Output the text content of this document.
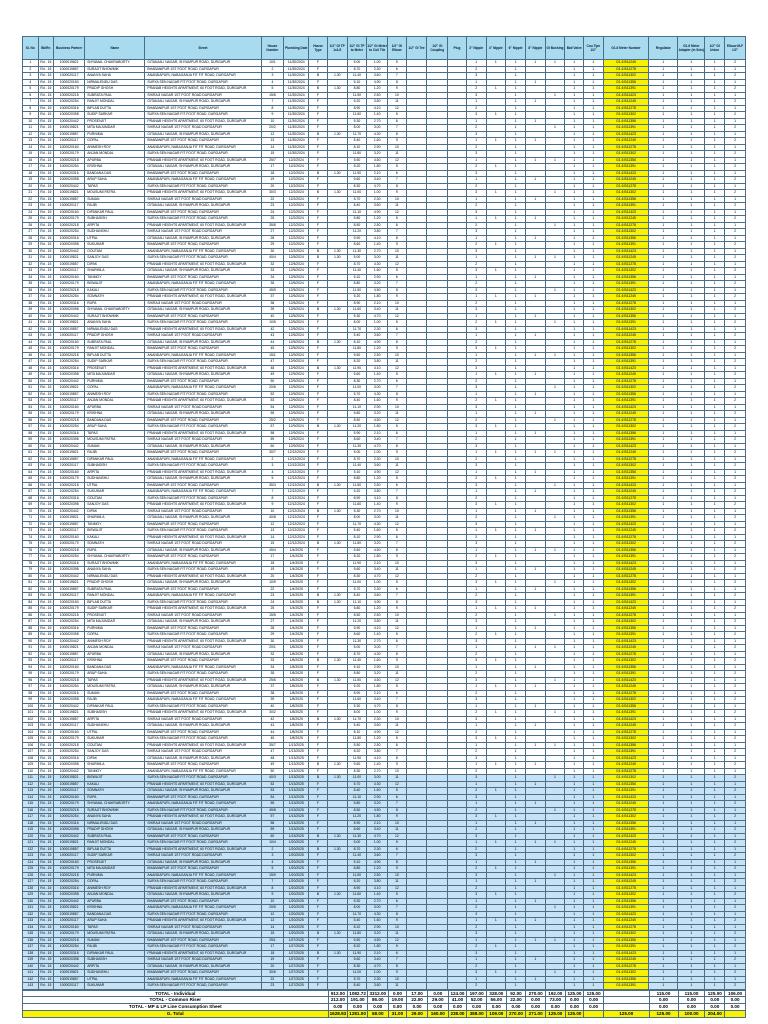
Sl. No	Bk/Rn	Business Partner	Name	Street	House Number	Plumbing Date	House Type	1/2" GI TP 1x1/2	1/2" GI TP to Meter	1/2" GI Meter to Coil Tile	1/2" GI Elbow	1/2" GI Tee	1/2" GI Coupling	Plug	3" Nipple	4" Nipple	6" Nipple	8" Nipple	GI Bushing	Ball Valve	Cou Tipe 1/2"	G1.6 Meter Number	Regulator	G1.6 Meter Adapter (in Sets)	1/2" GI Union	Elbow M-F 1/2"
1	Rd - 15	1000019821	SHYAMAL CHAKRABORTY	GITANJALI NAGAR, SHYAMPUR ROAD, DURGAPUR	10/1	11/30/2024	F		5.00	1.00	5				1	1	1	1	1	1	1	G1.6 B11245	1	1	1	2
2	Rd - 15	1000019857	SURAJIT BHOWMIK	BHABANIPUR 1ST FOOT ROAD, DURGAPUR	2	11/30/2024	F		8.70	2.30	6				2		1			1	1	G1.6 B11278	1	1	1	1
3	Rd - 15	1000020117	ANANYA SAHA	ANANDAPURI, NABAGANJA FIT FIT ROAD, DURGAPUR	3	11/30/2024	B	1.30	11.40	3.60	7				3		1			1	1	G1.6 B11302	1	1	1	2
4	Rd - 15	1000020160	NIRMALENDU DAS	SURYA SEN NAGAR FIT FOOT ROAD, DURGAPUR	4	11/30/2024	F		5.10	4.90	8				1		1	1		1	1	G1.6 B11356	1	1	1	1
5	Rd - 15	1000020179	PRADIP GHOSH	PRANAB HEIGHTS APARTMENT, 60 FOOT ROAD, DURGAPUR	5	11/30/2024	B	1.30	8.80	1.20	9				2	1	1			1	1	G1.6 B11391	1	1	1	2
6	Rd - 15	1000020218	SUBRATA PAUL	SHIRAJI NAGAR 1ST FOOT ROAD DURGAPUR	15/6	11/30/2024	F		11.50	2.50	10				3		1		1	1	1	G1.6 B11423	1	1	1	1
7	Rd - 15	1000020254	RANJIT MONDAL	GITANJALI NAGAR, SHYAMPUR ROAD, DURGAPUR	7	11/30/2024	F		5.20	3.80	11				1		1	1		1	1	G1.6 B11245	1	1	1	2
8	Rd - 15	1000020316	BIPLAB DUTTA	BHABANIPUR 1ST FOOT ROAD, DURGAPUR	8	11/30/2024	F		8.90	4.10	12				2		1			1	1	G1.6 B11278	1	1	1	1
9	Rd - 15	1000020398	SUDIP SARKAR	SURYA SEN NAGAR FIT FOOT ROAD, DURGAPUR	9	11/30/2024	F		11.60	1.40	5				3	1	1			1	1	G1.6 B11302	1	1	1	2
10	Rd - 15	1000020442	PROSENJIT	PRANAB HEIGHTS APARTMENT, 60 FOOT ROAD, DURGAPUR	10	11/30/2024	F		5.30	2.70	6				1		1	1		1	1	G1.6 B11356	1	1	1	1
11	Rd - 15	1000019821	MITA MAJUMDAR	SHIRAJI NAGAR 1ST FOOT ROAD DURGAPUR	20/2	11/30/2024	F		8.00	3.00	7				2		1		1	1	1	G1.6 B11391	1	1	1	2
12	Rd - 15	1000019857	PURNIMA	GITANJALI NAGAR, SHYAMPUR ROAD, DURGAPUR	12	11/30/2024	B	1.30	11.70	4.30	8				3		1			1	1	G1.6 B11423	1	1	1	1
13	Rd - 15	1000020117	GOPAL	BHABANIPUR 1ST FOOT ROAD, DURGAPUR	13	11/30/2024	F		5.40	1.60	9				1	1	1	1		1	1	G1.6 B11245	1	1	1	2
14	Rd - 15	1000020160	ANIMESH ROY	ANANDAPURI, NABAGANJA FIT FIT ROAD, DURGAPUR	14	11/30/2024	F		8.10	2.90	10				2		1			1	1	G1.6 B11278	1	1	1	1
15	Rd - 15	1000020179	ANJAN MONDAL	SURYA SEN NAGAR FIT FOOT ROAD, DURGAPUR	15	11/30/2024	F		11.80	3.20	11				3		1			1	1	G1.6 B11302	1	1	1	2
16	Rd - 15	1000020218	APURBA	PRANAB HEIGHTS APARTMENT, 60 FOOT ROAD, DURGAPUR	25/7	12/2/2024	F		5.50	4.50	12				1		1	1	1	1	1	G1.6 B11356	1	1	1	1
17	Rd - 15	1000020254	KRISHNA	GITANJALI NAGAR, SHYAMPUR ROAD, DURGAPUR	17	12/2/2024	F		8.20	1.80	5				2	1	1			1	1	G1.6 B11391	1	1	1	2
18	Rd - 15	1000020316	BANDANA DAS	BHABANIPUR 1ST FOOT ROAD, DURGAPUR	18	12/2/2024	B	1.30	11.90	2.10	6				3		1			1	1	G1.6 B11423	1	1	1	1
19	Rd - 15	1000020398	ARUP SAHA	ANANDAPURI, NABAGANJA FIT FIT ROAD, DURGAPUR	19	12/2/2024	F		5.60	3.40	7				1		1	1		1	1	G1.6 B11245	1	1	1	2
20	Rd - 15	1000020442	TAPAS	SURYA SEN NAGAR FIT FOOT ROAD, DURGAPUR	20	12/2/2024	F		8.30	4.70	8				2		1			1	1	G1.6 B11278	1	1	1	1
21	Rd - 15	1000019821	MOUSUMI PATRA	PRANAB HEIGHTS APARTMENT, 60 FOOT ROAD, DURGAPUR	30/3	12/2/2024	B	1.30	11.00	1.00	9				3	1	1		1	1	1	G1.6 B11302	1	1	1	2
22	Rd - 15	1000019857	SUMAN	SHIRAJI NAGAR 1ST FOOT ROAD DURGAPUR	22	12/2/2024	F		5.70	2.30	10				1		1	1		1	1	G1.6 B11356	1	1	1	1
23	Rd - 15	1000020117	RAJIB	GITANJALI NAGAR, SHYAMPUR ROAD, DURGAPUR	23	12/2/2024	F		8.40	3.60	11				2		1			1	1	G1.6 B11391	1	1	1	2
24	Rd - 15	1000020160	DIPANKAR PAUL	BHABANIPUR 1ST FOOT ROAD, DURGAPUR	24	12/2/2024	F		11.10	4.90	12				3		1			1	1	G1.6 B11423	1	1	1	1
25	Rd - 15	1000020179	SUBHASISH	SURYA SEN NAGAR FIT FOOT ROAD, DURGAPUR	25	12/2/2024	F		5.80	1.20	5				1	1	1	1		1	1	G1.6 B11245	1	1	1	2
26	Rd - 15	1000020218	ARPITA	PRANAB HEIGHTS APARTMENT, 60 FOOT ROAD, DURGAPUR	35/8	12/2/2024	F		8.50	2.50	6				2		1		1	1	1	G1.6 B11278	1	1	1	1
27	Rd - 15	1000020254	SUDHANSHU	SHIRAJI NAGAR 1ST FOOT ROAD DURGAPUR	27	12/2/2024	F		11.20	3.80	7				3		1			1	1	G1.6 B11302	1	1	1	2
28	Rd - 15	1000020316	UTPAL	GITANJALI NAGAR, SHYAMPUR ROAD, DURGAPUR	28	12/2/2024	F		5.90	4.10	8				1		1	1		1	1	G1.6 B11356	1	1	1	1
29	Rd - 15	1000020398	SUKUMAR	BHABANIPUR 1ST FOOT ROAD, DURGAPUR	29	12/2/2024	F		8.60	1.40	9				2	1	1			1	1	G1.6 B11391	1	1	1	2
30	Rd - 15	1000020442	GOUTAM	ANANDAPURI, NABAGANJA FIT FIT ROAD, DURGAPUR	30	12/2/2024	B	1.30	11.30	2.70	10				3		1			1	1	G1.6 B11423	1	1	1	1
31	Rd - 15	1000019821	SANJOY DAS	SURYA SEN NAGAR FIT FOOT ROAD, DURGAPUR	40/4	12/5/2024	B	1.30	5.00	3.00	11				1		1	1	1	1	1	G1.6 B11245	1	1	1	2
32	Rd - 15	1000019857	DIPAK	PRANAB HEIGHTS APARTMENT, 60 FOOT ROAD, DURGAPUR	32	12/5/2024	F		8.70	4.30	12				2		1			1	1	G1.6 B11278	1	1	1	1
33	Rd - 15	1000020117	SHARMILA	GITANJALI NAGAR, SHYAMPUR ROAD, DURGAPUR	33	12/5/2024	F		11.40	1.60	5				3	1	1			1	1	G1.6 B11302	1	1	1	2
34	Rd - 15	1000020160	TANMOY	BHABANIPUR 1ST FOOT ROAD, DURGAPUR	34	12/5/2024	F		5.10	2.90	6				1		1	1		1	1	G1.6 B11356	1	1	1	1
35	Rd - 15	1000020179	BISWAJIT	ANANDAPURI, NABAGANJA FIT FIT ROAD, DURGAPUR	35	12/5/2024	F		8.80	3.20	7				2		1			1	1	G1.6 B11391	1	1	1	2
36	Rd - 15	1000020218	KAKALI	SURYA SEN NAGAR FIT FOOT ROAD, DURGAPUR	45/9	12/5/2024	F		11.50	4.50	8				3		1		1	1	1	G1.6 B11423	1	1	1	1
37	Rd - 15	1000020254	SOMNATH	PRANAB HEIGHTS APARTMENT, 60 FOOT ROAD, DURGAPUR	37	12/5/2024	F		5.20	1.80	9				1	1	1	1		1	1	G1.6 B11245	1	1	1	2
38	Rd - 15	1000020316	RUPA	SHIRAJI NAGAR 1ST FOOT ROAD DURGAPUR	38	12/5/2024	F		8.90	2.10	10				2		1			1	1	G1.6 B11278	1	1	1	1
39	Rd - 15	1000020398	SHYAMAL CHAKRABORTY	GITANJALI NAGAR, SHYAMPUR ROAD, DURGAPUR	39	12/5/2024	B	1.30	11.60	3.40	11				3		1			1	1	G1.6 B11302	1	1	1	2
40	Rd - 15	1000020442	SURAJIT BHOWMIK	BHABANIPUR 1ST FOOT ROAD, DURGAPUR	40	12/5/2024	F		5.30	4.70	12				1		1	1		1	1	G1.6 B11356	1	1	1	1
41	Rd - 15	1000019821	ANANYA SAHA	SURYA SEN NAGAR FIT FOOT ROAD, DURGAPUR	10/5	12/5/2024	F		8.00	1.00	5				2	1	1		1	1	1	G1.6 B11391	1	1	1	2
42	Rd - 15	1000019857	NIRMALENDU DAS	PRANAB HEIGHTS APARTMENT, 60 FOOT ROAD, DURGAPUR	42	12/5/2024	F		11.70	2.30	6				3		1			1	1	G1.6 B11423	1	1	1	1
43	Rd - 15	1000020117	PRADIP GHOSH	SHIRAJI NAGAR 1ST FOOT ROAD DURGAPUR	43	12/5/2024	F		5.40	3.60	7				1		1	1		1	1	G1.6 B11245	1	1	1	2
44	Rd - 15	1000020160	SUBRATA PAUL	GITANJALI NAGAR, SHYAMPUR ROAD, DURGAPUR	44	12/5/2024	B	1.30	8.10	4.90	8				2		1			1	1	G1.6 B11278	1	1	1	1
45	Rd - 15	1000020179	RANJIT MONDAL	BHABANIPUR 1ST FOOT ROAD, DURGAPUR	45	12/5/2024	F		11.80	1.20	9				3	1	1			1	1	G1.6 B11302	1	1	1	2
46	Rd - 15	1000020218	BIPLAB DUTTA	ANANDAPURI, NABAGANJA FIT FIT ROAD, DURGAPUR	15/1	12/9/2024	F		5.50	2.50	10				1		1	1	1	1	1	G1.6 B11356	1	1	1	1
47	Rd - 15	1000020254	SUDIP SARKAR	SURYA SEN NAGAR FIT FOOT ROAD, DURGAPUR	47	12/9/2024	F		8.20	3.80	11				2		1			1	1	G1.6 B11391	1	1	1	2
48	Rd - 15	1000020316	PROSENJIT	PRANAB HEIGHTS APARTMENT, 60 FOOT ROAD, DURGAPUR	48	12/9/2024	B	1.30	11.90	4.10	12				3		1			1	1	G1.6 B11423	1	1	1	1
49	Rd - 15	1000020398	MITA MAJUMDAR	GITANJALI NAGAR, SHYAMPUR ROAD, DURGAPUR	49	12/9/2024	F		5.60	1.40	5				1	1	1	1		1	1	G1.6 B11245	1	1	1	2
50	Rd - 15	1000020442	PURNIMA	BHABANIPUR 1ST FOOT ROAD, DURGAPUR	50	12/9/2024	F		8.30	2.70	6				2		1			1	1	G1.6 B11278	1	1	1	1
51	Rd - 15	1000019821	GOPAL	ANANDAPURI, NABAGANJA FIT FIT ROAD, DURGAPUR	20/6	12/9/2024	F		11.00	3.00	7				3		1		1	1	1	G1.6 B11302	1	1	1	2
52	Rd - 15	1000019857	ANIMESH ROY	SURYA SEN NAGAR FIT FOOT ROAD, DURGAPUR	52	12/9/2024	F		5.70	4.30	8				1		1	1		1	1	G1.6 B11356	1	1	1	1
53	Rd - 15	1000020117	ANJAN MONDAL	PRANAB HEIGHTS APARTMENT, 60 FOOT ROAD, DURGAPUR	53	12/9/2024	F		8.40	1.60	9				2	1	1			1	1	G1.6 B11391	1	1	1	2
54	Rd - 15	1000020160	APURBA	SHIRAJI NAGAR 1ST FOOT ROAD DURGAPUR	54	12/9/2024	F		11.10	2.90	10				3		1			1	1	G1.6 B11423	1	1	1	1
55	Rd - 15	1000020179	KRISHNA	GITANJALI NAGAR, SHYAMPUR ROAD, DURGAPUR	55	12/9/2024	F		5.80	3.20	11				1		1	1		1	1	G1.6 B11245	1	1	1	2
56	Rd - 15	1000020218	BANDANA DAS	BHABANIPUR 1ST FOOT ROAD, DURGAPUR	25/2	12/9/2024	F		8.50	4.50	12				2		1		1	1	1	G1.6 B11278	1	1	1	1
57	Rd - 15	1000020254	ARUP SAHA	SURYA SEN NAGAR FIT FOOT ROAD, DURGAPUR	57	12/9/2024	B	1.30	11.20	1.80	5				3	1	1			1	1	G1.6 B11302	1	1	1	2
58	Rd - 15	1000020316	TAPAS	PRANAB HEIGHTS APARTMENT, 60 FOOT ROAD, DURGAPUR	58	12/9/2024	F		5.90	2.10	6				1		1	1		1	1	G1.6 B11356	1	1	1	1
59	Rd - 15	1000020398	MOUSUMI PATRA	SHIRAJI NAGAR 1ST FOOT ROAD DURGAPUR	59	12/9/2024	F		8.60	3.40	7				2		1			1	1	G1.6 B11391	1	1	1	2
60	Rd - 15	1000020442	SUMAN	GITANJALI NAGAR, SHYAMPUR ROAD, DURGAPUR	60	12/9/2024	F		11.30	4.70	8				3		1			1	1	G1.6 B11423	1	1	1	1
61	Rd - 15	1000019821	RAJIB	BHABANIPUR 1ST FOOT ROAD, DURGAPUR	30/7	12/12/2024	F		5.00	1.00	9				1	1	1	1	1	1	1	G1.6 B11245	1	1	1	2
62	Rd - 15	1000019857	DIPANKAR PAUL	ANANDAPURI, NABAGANJA FIT FIT ROAD, DURGAPUR	2	12/12/2024	F		8.70	2.30	10				2		1			1	1	G1.6 B11278	1	1	1	1
63	Rd - 15	1000020117	SUBHASISH	SURYA SEN NAGAR FIT FOOT ROAD, DURGAPUR	3	12/12/2024	F		11.40	3.60	11				3		1			1	1	G1.6 B11302	1	1	1	2
64	Rd - 15	1000020160	ARPITA	PRANAB HEIGHTS APARTMENT, 60 FOOT ROAD, DURGAPUR	4	12/12/2024	F		5.10	4.90	12				1		1	1		1	1	G1.6 B11356	1	1	1	1
65	Rd - 15	1000020179	SUDHANSHU	GITANJALI NAGAR, SHYAMPUR ROAD, DURGAPUR	5	12/12/2024	F		8.80	1.20	5				2	1	1			1	1	G1.6 B11391	1	1	1	2
66	Rd - 15	1000020218	UTPAL	BHABANIPUR 1ST FOOT ROAD, DURGAPUR	35/3	12/12/2024	B	1.30	11.50	2.50	6				3		1		1	1	1	G1.6 B11423	1	1	1	1
67	Rd - 15	1000020254	SUKUMAR	ANANDAPURI, NABAGANJA FIT FIT ROAD, DURGAPUR	7	12/12/2024	F		5.20	3.80	7				1		1	1		1	1	G1.6 B11245	1	1	1	2
68	Rd - 15	1000020316	GOUTAM	SURYA SEN NAGAR FIT FOOT ROAD, DURGAPUR	8	12/12/2024	F		8.90	4.10	8				2		1			1	1	G1.6 B11278	1	1	1	1
69	Rd - 15	1000020398	SANJOY DAS	PRANAB HEIGHTS APARTMENT, 60 FOOT ROAD, DURGAPUR	9	12/12/2024	F		11.60	1.40	9				3	1	1			1	1	G1.6 B11302	1	1	1	2
70	Rd - 15	1000020442	DIPAK	SHIRAJI NAGAR 1ST FOOT ROAD DURGAPUR	10	12/12/2024	B	1.30	5.30	2.70	10				1		1	1		1	1	G1.6 B11356	1	1	1	1
71	Rd - 15	1000019821	SHARMILA	GITANJALI NAGAR, SHYAMPUR ROAD, DURGAPUR	40/8	12/12/2024	F		8.00	3.00	11				2		1		1	1	1	G1.6 B11391	1	1	1	2
72	Rd - 15	1000019857	TANMOY	BHABANIPUR 1ST FOOT ROAD, DURGAPUR	12	12/12/2024	F		11.70	4.30	12				3		1			1	1	G1.6 B11423	1	1	1	1
73	Rd - 15	1000020117	BISWAJIT	SURYA SEN NAGAR FIT FOOT ROAD, DURGAPUR	13	12/12/2024	F		5.40	1.60	5				1	1	1	1		1	1	G1.6 B11245	1	1	1	2
74	Rd - 15	1000020160	KAKALI	PRANAB HEIGHTS APARTMENT, 60 FOOT ROAD, DURGAPUR	14	12/12/2024	F		8.10	2.90	6				2		1			1	1	G1.6 B11278	1	1	1	1
75	Rd - 15	1000020179	SOMNATH	SHIRAJI NAGAR 1ST FOOT ROAD DURGAPUR	15	12/12/2024	B	1.30	11.80	3.20	7				3		1			1	1	G1.6 B11302	1	1	1	2
76	Rd - 15	1000020218	RUPA	GITANJALI NAGAR, SHYAMPUR ROAD, DURGAPUR	45/4	1/4/2025	F		5.50	4.50	8				1		1	1	1	1	1	G1.6 B11356	1	1	1	1
77	Rd - 15	1000020254	SHYAMAL CHAKRABORTY	BHABANIPUR 1ST FOOT ROAD, DURGAPUR	17	1/4/2025	F		8.20	1.80	9				2	1	1			1	1	G1.6 B11391	1	1	1	2
78	Rd - 15	1000020316	SURAJIT BHOWMIK	ANANDAPURI, NABAGANJA FIT FIT ROAD, DURGAPUR	18	1/4/2025	F		11.90	2.10	10				3		1			1	1	G1.6 B11423	1	1	1	1
79	Rd - 15	1000020398	ANANYA SAHA	SURYA SEN NAGAR FIT FOOT ROAD, DURGAPUR	19	1/4/2025	F		5.60	3.40	11				1		1	1		1	1	G1.6 B11245	1	1	1	2
80	Rd - 15	1000020442	NIRMALENDU DAS	PRANAB HEIGHTS APARTMENT, 60 FOOT ROAD, DURGAPUR	20	1/4/2025	F		8.30	4.70	12				2		1			1	1	G1.6 B11278	1	1	1	1
81	Rd - 15	1000019821	PRADIP GHOSH	GITANJALI NAGAR, SHYAMPUR ROAD, DURGAPUR	10/9	1/4/2025	F		11.00	1.00	5				3	1	1		1	1	1	G1.6 B11302	1	1	1	2
82	Rd - 15	1000019857	SUBRATA PAUL	BHABANIPUR 1ST FOOT ROAD, DURGAPUR	22	1/4/2025	F		5.70	2.30	6				1		1	1		1	1	G1.6 B11356	1	1	1	1
83	Rd - 15	1000020117	RANJIT MONDAL	ANANDAPURI, NABAGANJA FIT FIT ROAD, DURGAPUR	23	1/4/2025	B	1.30	8.40	3.60	7				2		1			1	1	G1.6 B11391	1	1	1	2
84	Rd - 15	1000020160	BIPLAB DUTTA	SURYA SEN NAGAR FIT FOOT ROAD, DURGAPUR	24	1/4/2025	B	1.30	11.10	4.90	8				3		1			1	1	G1.6 B11423	1	1	1	1
85	Rd - 15	1000020179	SUDIP SARKAR	PRANAB HEIGHTS APARTMENT, 60 FOOT ROAD, DURGAPUR	25	1/4/2025	F		5.80	1.20	9				1	1	1	1		1	1	G1.6 B11245	1	1	1	2
86	Rd - 15	1000020218	PROSENJIT	SHIRAJI NAGAR 1ST FOOT ROAD DURGAPUR	15/5	1/4/2025	F		8.50	2.50	10				2		1		1	1	1	G1.6 B11278	1	1	1	1
87	Rd - 15	1000020254	MITA MAJUMDAR	GITANJALI NAGAR, SHYAMPUR ROAD, DURGAPUR	27	1/4/2025	F		11.20	3.80	11				3		1			1	1	G1.6 B11302	1	1	1	2
88	Rd - 15	1000020316	PURNIMA	BHABANIPUR 1ST FOOT ROAD, DURGAPUR	28	1/4/2025	F		5.90	4.10	12				1		1	1		1	1	G1.6 B11356	1	1	1	1
89	Rd - 15	1000020398	GOPAL	SURYA SEN NAGAR FIT FOOT ROAD, DURGAPUR	29	1/4/2025	F		8.60	1.40	5				2	1	1			1	1	G1.6 B11391	1	1	1	2
90	Rd - 15	1000020442	ANIMESH ROY	PRANAB HEIGHTS APARTMENT, 60 FOOT ROAD, DURGAPUR	30	1/4/2025	F		11.30	2.70	6				3		1			1	1	G1.6 B11423	1	1	1	1
91	Rd - 15	1000019821	ANJAN MONDAL	SHIRAJI NAGAR 1ST FOOT ROAD DURGAPUR	20/1	1/8/2025	F		5.00	3.00	7				1		1	1	1	1	1	G1.6 B11245	1	1	1	2
92	Rd - 15	1000019857	APURBA	GITANJALI NAGAR, SHYAMPUR ROAD, DURGAPUR	32	1/8/2025	F		8.70	4.30	8				2		1			1	1	G1.6 B11278	1	1	1	1
93	Rd - 15	1000020117	KRISHNA	BHABANIPUR 1ST FOOT ROAD, DURGAPUR	33	1/8/2025	B	1.30	11.40	1.60	9				3	1	1			1	1	G1.6 B11302	1	1	1	2
94	Rd - 15	1000020160	BANDANA DAS	ANANDAPURI, NABAGANJA FIT FIT ROAD, DURGAPUR	34	1/8/2025	F		5.10	2.90	10				1		1	1		1	1	G1.6 B11356	1	1	1	1
95	Rd - 15	1000020179	ARUP SAHA	SURYA SEN NAGAR FIT FOOT ROAD, DURGAPUR	35	1/8/2025	F		8.80	3.20	11				2		1			1	1	G1.6 B11391	1	1	1	2
96	Rd - 15	1000020218	TAPAS	PRANAB HEIGHTS APARTMENT, 60 FOOT ROAD, DURGAPUR	25/6	1/8/2025	B	1.30	11.50	4.50	12				3		1		1	1	1	G1.6 B11423	1	1	1	1
97	Rd - 15	1000020254	MOUSUMI PATRA	GITANJALI NAGAR, SHYAMPUR ROAD, DURGAPUR	37	1/8/2025	F		5.20	1.80	5				1	1	1	1		1	1	G1.6 B11245	1	1	1	2
98	Rd - 15	1000020316	SUMAN	BHABANIPUR 1ST FOOT ROAD, DURGAPUR	38	1/8/2025	F		8.90	2.10	6				2		1			1	1	G1.6 B11278	1	1	1	1
99	Rd - 15	1000020398	RAJIB	ANANDAPURI, NABAGANJA FIT FIT ROAD, DURGAPUR	39	1/8/2025	F		11.60	3.40	7				3		1			1	1	G1.6 B11302	1	1	1	2
100	Rd - 15	1000020442	DIPANKAR PAUL	SURYA SEN NAGAR FIT FOOT ROAD, DURGAPUR	40	1/8/2025	F		5.30	4.70	8				1		1	1		1	1	G1.6 B11356	1	1	1	1
101	Rd - 15	1000019821	SUBHASISH	PRANAB HEIGHTS APARTMENT, 60 FOOT ROAD, DURGAPUR	30/2	1/8/2025	F		8.00	1.00	9				2	1	1		1	1	1	G1.6 B11391	1	1	1	2
102	Rd - 15	1000019857	ARPITA	SHIRAJI NAGAR 1ST FOOT ROAD DURGAPUR	42	1/8/2025	B	1.30	11.70	2.30	10				3		1			1	1	G1.6 B11423	1	1	1	1
103	Rd - 15	1000020117	SUDHANSHU	GITANJALI NAGAR, SHYAMPUR ROAD, DURGAPUR	43	1/8/2025	F		5.40	3.60	11				1		1	1		1	1	G1.6 B11245	1	1	1	2
104	Rd - 15	1000020160	UTPAL	BHABANIPUR 1ST FOOT ROAD, DURGAPUR	44	1/8/2025	F		8.10	4.90	12				2		1			1	1	G1.6 B11278	1	1	1	1
105	Rd - 15	1000020179	SUKUMAR	SURYA SEN NAGAR FIT FOOT ROAD, DURGAPUR	45	1/8/2025	F		11.80	1.20	5				3	1	1			1	1	G1.6 B11302	1	1	1	2
106	Rd - 15	1000020218	GOUTAM	PRANAB HEIGHTS APARTMENT, 60 FOOT ROAD, DURGAPUR	35/7	1/13/2025	F		5.50	2.50	6				1		1	1	1	1	1	G1.6 B11356	1	1	1	1
107	Rd - 15	1000020254	SANJOY DAS	SHIRAJI NAGAR 1ST FOOT ROAD DURGAPUR	47	1/13/2025	F		8.20	3.80	7				2		1			1	1	G1.6 B11391	1	1	1	2
108	Rd - 15	1000020316	DIPAK	GITANJALI NAGAR, SHYAMPUR ROAD, DURGAPUR	48	1/13/2025	F		11.90	4.10	8				3		1			1	1	G1.6 B11423	1	1	1	1
109	Rd - 15	1000020398	SHARMILA	BHABANIPUR 1ST FOOT ROAD, DURGAPUR	49	1/13/2025	B	1.30	5.60	1.40	9				1	1	1	1		1	1	G1.6 B11245	1	1	1	2
110	Rd - 15	1000020442	TANMOY	ANANDAPURI, NABAGANJA FIT FIT ROAD, DURGAPUR	50	1/13/2025	F		8.30	2.70	10				2		1			1	1	G1.6 B11278	1	1	1	1
111	Rd - 15	1000019821	BISWAJIT	SURYA SEN NAGAR FIT FOOT ROAD, DURGAPUR	40/3	1/13/2025	B	1.30	11.00	3.00	11				3		1		1	1	1	G1.6 B11302	1	1	1	2
112	Rd - 15	1000019857	KAKALI	PRANAB HEIGHTS APARTMENT, 60 FOOT ROAD, DURGAPUR	52	1/13/2025	F		5.70	4.30	12				1		1	1		1	1	G1.6 B11356	1	1	1	1
113	Rd - 15	1000020117	SOMNATH	GITANJALI NAGAR, SHYAMPUR ROAD, DURGAPUR	53	1/13/2025	F		8.40	1.60	5				2	1	1			1	1	G1.6 B11391	1	1	1	2
114	Rd - 15	1000020160	RUPA	BHABANIPUR 1ST FOOT ROAD, DURGAPUR	54	1/13/2025	F		11.10	2.90	6				3		1			1	1	G1.6 B11423	1	1	1	1
115	Rd - 15	1000020179	SHYAMAL CHAKRABORTY	ANANDAPURI, NABAGANJA FIT FIT ROAD, DURGAPUR	55	1/13/2025	F		5.80	3.20	7				1		1	1		1	1	G1.6 B11245	1	1	1	2
116	Rd - 15	1000020218	SURAJIT BHOWMIK	SURYA SEN NAGAR FIT FOOT ROAD, DURGAPUR	45/8	1/13/2025	F		8.50	4.50	8				2		1		1	1	1	G1.6 B11278	1	1	1	1
117	Rd - 15	1000020254	ANANYA SAHA	PRANAB HEIGHTS APARTMENT, 60 FOOT ROAD, DURGAPUR	57	1/13/2025	F		11.20	1.80	9				3	1	1			1	1	G1.6 B11302	1	1	1	2
118	Rd - 15	1000020316	NIRMALENDU DAS	SHIRAJI NAGAR 1ST FOOT ROAD DURGAPUR	58	1/13/2025	F		5.90	2.10	10				1		1	1		1	1	G1.6 B11356	1	1	1	1
119	Rd - 15	1000020398	PRADIP GHOSH	GITANJALI NAGAR, SHYAMPUR ROAD, DURGAPUR	59	1/13/2025	F		8.60	3.40	11				2		1			1	1	G1.6 B11391	1	1	1	2
120	Rd - 15	1000020442	SUBRATA PAUL	BHABANIPUR 1ST FOOT ROAD, DURGAPUR	60	1/13/2025	B	1.30	11.30	4.70	12				3		1			1	1	G1.6 B11423	1	1	1	1
121	Rd - 15	1000019821	RANJIT MONDAL	SURYA SEN NAGAR FIT FOOT ROAD, DURGAPUR	10/4	1/20/2025	F		5.00	1.00	5				1	1	1	1	1	1	1	G1.6 B11245	1	1	1	2
122	Rd - 15	1000019857	BIPLAB DUTTA	PRANAB HEIGHTS APARTMENT, 60 FOOT ROAD, DURGAPUR	2	1/20/2025	B	1.30	8.70	2.30	6				2		1			1	1	G1.6 B11278	1	1	1	1
123	Rd - 15	1000020117	SUDIP SARKAR	SHIRAJI NAGAR 1ST FOOT ROAD DURGAPUR	3	1/20/2025	F		11.40	3.60	7				3		1			1	1	G1.6 B11302	1	1	1	2
124	Rd - 15	1000020160	PROSENJIT	GITANJALI NAGAR, SHYAMPUR ROAD, DURGAPUR	4	1/20/2025	F		5.10	4.90	8				1		1	1		1	1	G1.6 B11356	1	1	1	1
125	Rd - 15	1000020179	MITA MAJUMDAR	BHABANIPUR 1ST FOOT ROAD, DURGAPUR	5	1/20/2025	F		8.80	1.20	9				2	1	1			1	1	G1.6 B11391	1	1	1	2
126	Rd - 15	1000020218	PURNIMA	ANANDAPURI, NABAGANJA FIT FIT ROAD, DURGAPUR	15/9	1/20/2025	F		11.50	2.50	10				3		1		1	1	1	G1.6 B11423	1	1	1	1
127	Rd - 15	1000020254	GOPAL	SURYA SEN NAGAR FIT FOOT ROAD, DURGAPUR	7	1/20/2025	F		5.20	3.80	11				1		1	1		1	1	G1.6 B11245	1	1	1	2
128	Rd - 15	1000020316	ANIMESH ROY	PRANAB HEIGHTS APARTMENT, 60 FOOT ROAD, DURGAPUR	8	1/20/2025	F		8.90	4.10	12				2		1			1	1	G1.6 B11278	1	1	1	1
129	Rd - 15	1000020398	ANJAN MONDAL	GITANJALI NAGAR, SHYAMPUR ROAD, DURGAPUR	9	1/20/2025	B	1.30	11.60	1.40	5				3	1	1			1	1	G1.6 B11302	1	1	1	2
130	Rd - 15	1000020442	APURBA	BHABANIPUR 1ST FOOT ROAD, DURGAPUR	10	1/20/2025	F		5.30	2.70	6				1		1	1		1	1	G1.6 B11356	1	1	1	1
131	Rd - 15	1000019821	KRISHNA	ANANDAPURI, NABAGANJA FIT FIT ROAD, DURGAPUR	20/5	1/20/2025	F		8.00	3.00	7				2		1		1	1	1	G1.6 B11391	1	1	1	2
132	Rd - 15	1000019857	BANDANA DAS	SURYA SEN NAGAR FIT FOOT ROAD, DURGAPUR	12	1/20/2025	F		11.70	4.30	8				3		1			1	1	G1.6 B11423	1	1	1	1
133	Rd - 15	1000020117	ARUP SAHA	PRANAB HEIGHTS APARTMENT, 60 FOOT ROAD, DURGAPUR	13	1/20/2025	F		5.40	1.60	9				1	1	1	1		1	1	G1.6 B11245	1	1	1	2
134	Rd - 15	1000020160	TAPAS	SHIRAJI NAGAR 1ST FOOT ROAD DURGAPUR	14	1/20/2025	F		8.10	2.90	10				2		1			1	1	G1.6 B11278	1	1	1	1
135	Rd - 15	1000020179	MOUSUMI PATRA	GITANJALI NAGAR, SHYAMPUR ROAD, DURGAPUR	15	1/20/2025	B	1.30	11.80	3.20	11				3		1			1	1	G1.6 B11302	1	1	1	2
136	Rd - 15	1000020218	SUMAN	BHABANIPUR 1ST FOOT ROAD, DURGAPUR	25/1	1/27/2025	F		5.50	4.50	12				1		1	1	1	1	1	G1.6 B11356	1	1	1	1
137	Rd - 15	1000020254	RAJIB	SURYA SEN NAGAR FIT FOOT ROAD, DURGAPUR	17	1/27/2025	F		8.20	1.80	5				2	1	1			1	1	G1.6 B11391	1	1	1	2
138	Rd - 15	1000020316	DIPANKAR PAUL	PRANAB HEIGHTS APARTMENT, 60 FOOT ROAD, DURGAPUR	18	1/27/2025	B	1.30	11.90	2.10	6				3		1			1	1	G1.6 B11423	1	1	1	1
139	Rd - 15	1000020398	SUBHASISH	SHIRAJI NAGAR 1ST FOOT ROAD DURGAPUR	19	1/27/2025	F		5.60	3.40	7				1		1	1		1	1	G1.6 B11245	1	1	1	2
140	Rd - 15	1000020442	ARPITA	GITANJALI NAGAR, SHYAMPUR ROAD, DURGAPUR	20	1/27/2025	F		8.30	4.70	8				2		1			1	1	G1.6 B11278	1	1	1	1
141	Rd - 15	1000019821	SUDHANSHU	BHABANIPUR 1ST FOOT ROAD, DURGAPUR	30/6	1/27/2025	F		11.00	1.00	9				3	1	1		1	1	1	G1.6 B11302	1	1	1	2
142	Rd - 15	1000019857	UTPAL	ANANDAPURI, NABAGANJA FIT FIT ROAD, DURGAPUR	22	1/27/2025	F		5.70	2.30	10				1		1	1		1	1	G1.6 B11356	1	1	1	1
143	Rd - 15	1000020117	SUKUMAR	SURYA SEN NAGAR FIT FOOT ROAD, DURGAPUR	23	1/27/2025	F		8.40	3.60	11				2		1			1	1	G1.6 B11391	1	1	1	2
TOTAL - Individual	912.00	1082.72	3312.00	0.00	17.00	0.00	124.00	197.00	328.00	92.00	270.00	192.00	125.00	125.00		115.00	115.00	125.00	106.00	
TOTAL - Common Riser	212.00	191.00	86.00	19.00	22.00	29.00	41.00	52.00	56.00	22.00	0.00	73.00	0.00	0.00		0.00	0.00	0.00	0.00	
TOTAL - MP & LP Line Consumption Sheet	0.00	0.00	0.00	0.00	0.00	0.00	0.00	0.00	0.00	0.00	0.00	0.00	0.00	0.00		0.00	0.00	0.00	0.00	
G. Total	1628.93	1281.00	68.00	31.00	29.00	160.00	238.00	388.00	109.00	270.00	271.00	125.00	125.00		125.00	125.00	100.00	204.00		
